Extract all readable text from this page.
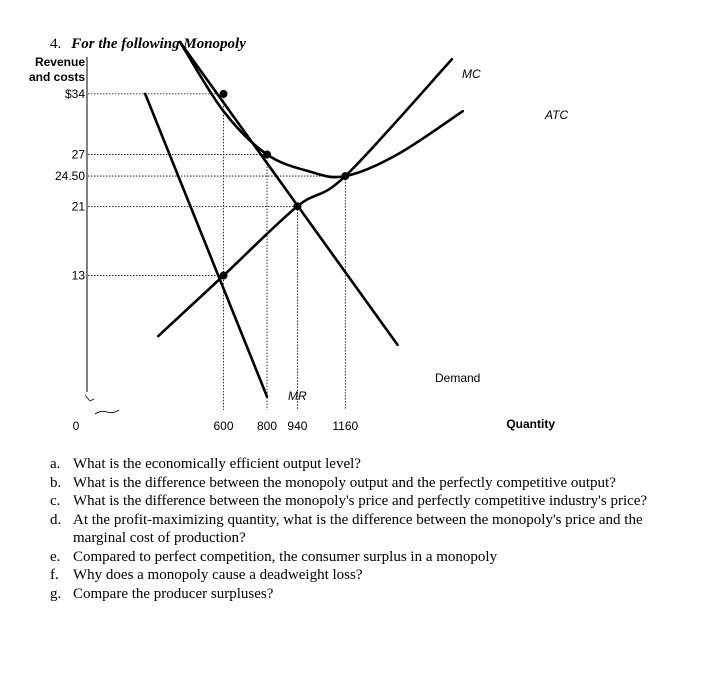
4. For the following Monopoly
Revenue
and costs
Quantity
0
$34
27
24.50
21
13
600 800 940 1160
Demand
MR
MC
ATC
a. What is the economically efficient output level?
b. What is the difference between the monopoly output and the perfectly competitive output?
c. What is the difference between the monopoly's price and perfectly competitive industry's price?
d. At the profit-maximizing quantity, what is the difference between the monopoly's price and the marginal cost of production?
e. Compared to perfect competition, the consumer surplus in a monopoly
f. Why does a monopoly cause a deadweight loss?
g. Compare the producer surpluses?
